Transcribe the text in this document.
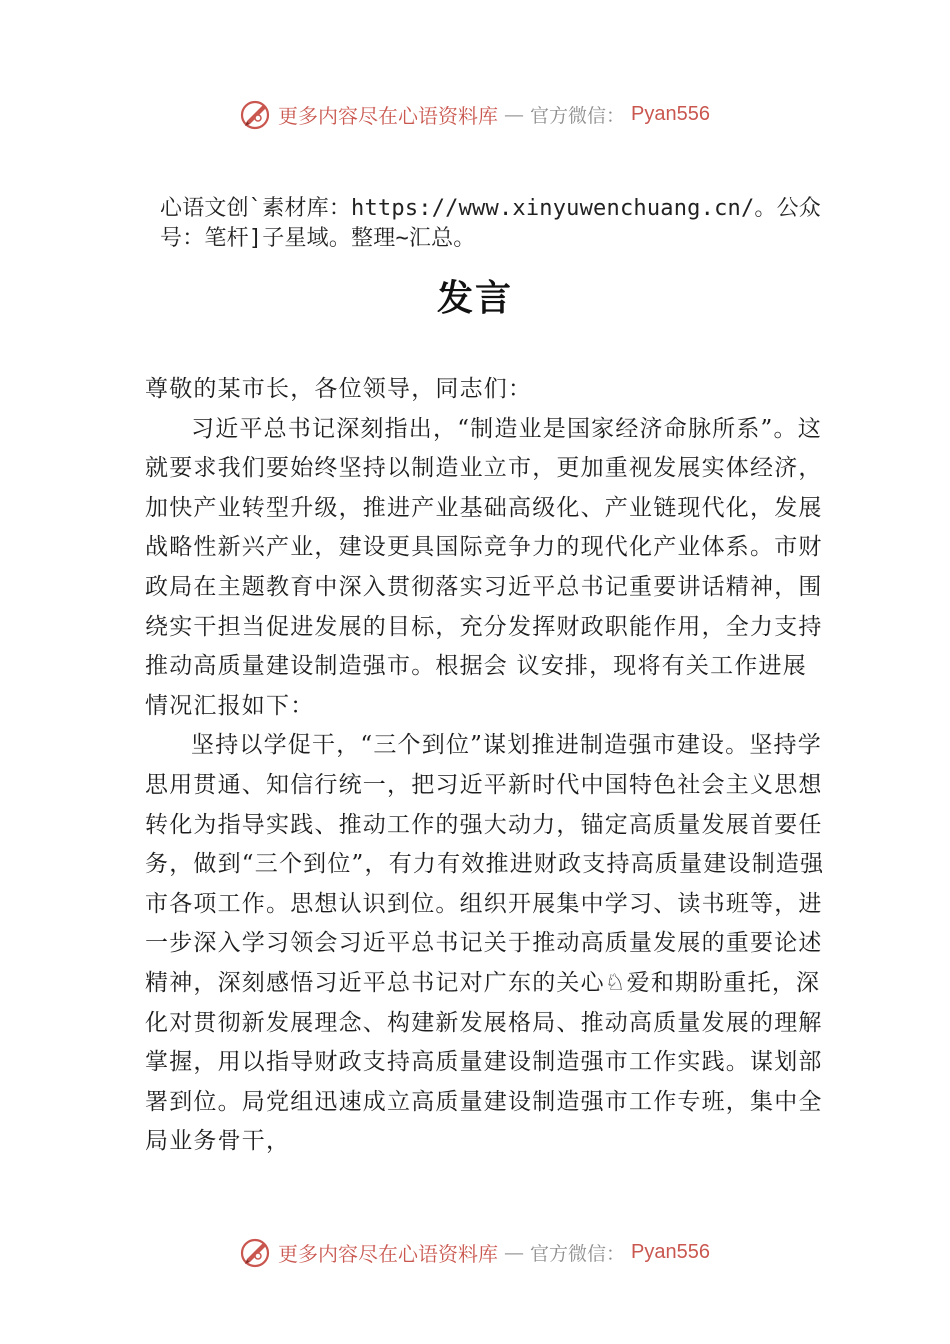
更多内容尽在心语资料库 — 官方微信： Pyan556
心语文创`素材库：https://www.xinyuwenchuang.cn/。公众号：笔杆]子星域。整理~汇总。
发言

尊敬的某市长，各位领导，同志们：

习近平总书记深刻指出，“制造业是国家经济命脉所系”。这就要求我们要始终坚持以制造业立市，更加重视发展实体经济，加快产业转型升级，推进产业基础高级化、产业链现代化，发展战略性新兴产业，建设更具国际竞争力的现代化产业体系。市财政局在主题教育中深入贯彻落实习近平总书记重要讲话精神，围绕实干担当促进发展的目标，充分发挥财政职能作用，全力支持推动高质量建设制造强市。根据会 议安排，现将有关工作进展情况汇报如下：

坚持以学促干，“三个到位”谋划推进制造强市建设。坚持学思用贯通、知信行统一，把习近平新时代中国特色社会主义思想转化为指导实践、推动工作的强大动力，锚定高质量发展首要任务，做到“三个到位”，有力有效推进财政支持高质量建设制造强市各项工作。思想认识到位。组织开展集中学习、读书班等，进一步深入学习领会习近平总书记关于推动高质量发展的重要论述精神，深刻感悟习近平总书记对广东的关心♘爱和期盼重托，深化对贯彻新发展理念、构建新发展格局、推动高质量发展的理解掌握，用以指导财政支持高质量建设制造强市工作实践。谋划部署到位。局党组迅速成立高质量建设制造强市工作专班，集中全局业务骨干，

更多内容尽在心语资料库 — 官方微信： Pyan556
